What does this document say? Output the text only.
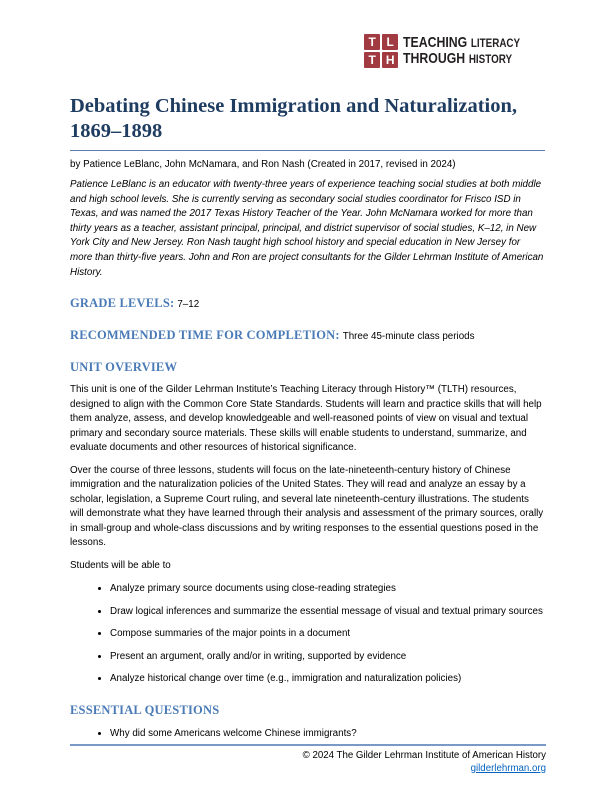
T L
T H
TEACHING LITERACY
THROUGH HISTORY
Debating Chinese Immigration and Naturalization, 1869–1898

by Patience LeBlanc, John McNamara, and Ron Nash (Created in 2017, revised in 2024)

Patience LeBlanc is an educator with twenty-three years of experience teaching social studies at both middle and high school levels. She is currently serving as secondary social studies coordinator for Frisco ISD in Texas, and was named the 2017 Texas History Teacher of the Year. John McNamara worked for more than thirty years as a teacher, assistant principal, principal, and district supervisor of social studies, K–12, in New York City and New Jersey. Ron Nash taught high school history and special education in New Jersey for more than thirty-five years. John and Ron are project consultants for the Gilder Lehrman Institute of American History.

GRADE LEVELS: 7–12

RECOMMENDED TIME FOR COMPLETION: Three 45-minute class periods

UNIT OVERVIEW

This unit is one of the Gilder Lehrman Institute’s Teaching Literacy through History™ (TLTH) resources, designed to align with the Common Core State Standards. Students will learn and practice skills that will help them analyze, assess, and develop knowledgeable and well-reasoned points of view on visual and textual primary and secondary source materials. These skills will enable students to understand, summarize, and evaluate documents and other resources of historical significance.

Over the course of three lessons, students will focus on the late-nineteenth-century history of Chinese immigration and the naturalization policies of the United States. They will read and analyze an essay by a scholar, legislation, a Supreme Court ruling, and several late nineteenth-century illustrations. The students will demonstrate what they have learned through their analysis and assessment of the primary sources, orally in small-group and whole-class discussions and by writing responses to the essential questions posed in the lessons.

Students will be able to

• Analyze primary source documents using close-reading strategies
• Draw logical inferences and summarize the essential message of visual and textual primary sources
• Compose summaries of the major points in a document
• Present an argument, orally and/or in writing, supported by evidence
• Analyze historical change over time (e.g., immigration and naturalization policies)
ESSENTIAL QUESTIONS
• Why did some Americans welcome Chinese immigrants?
© 2024 The Gilder Lehrman Institute of American History
gilderlehrman.org
